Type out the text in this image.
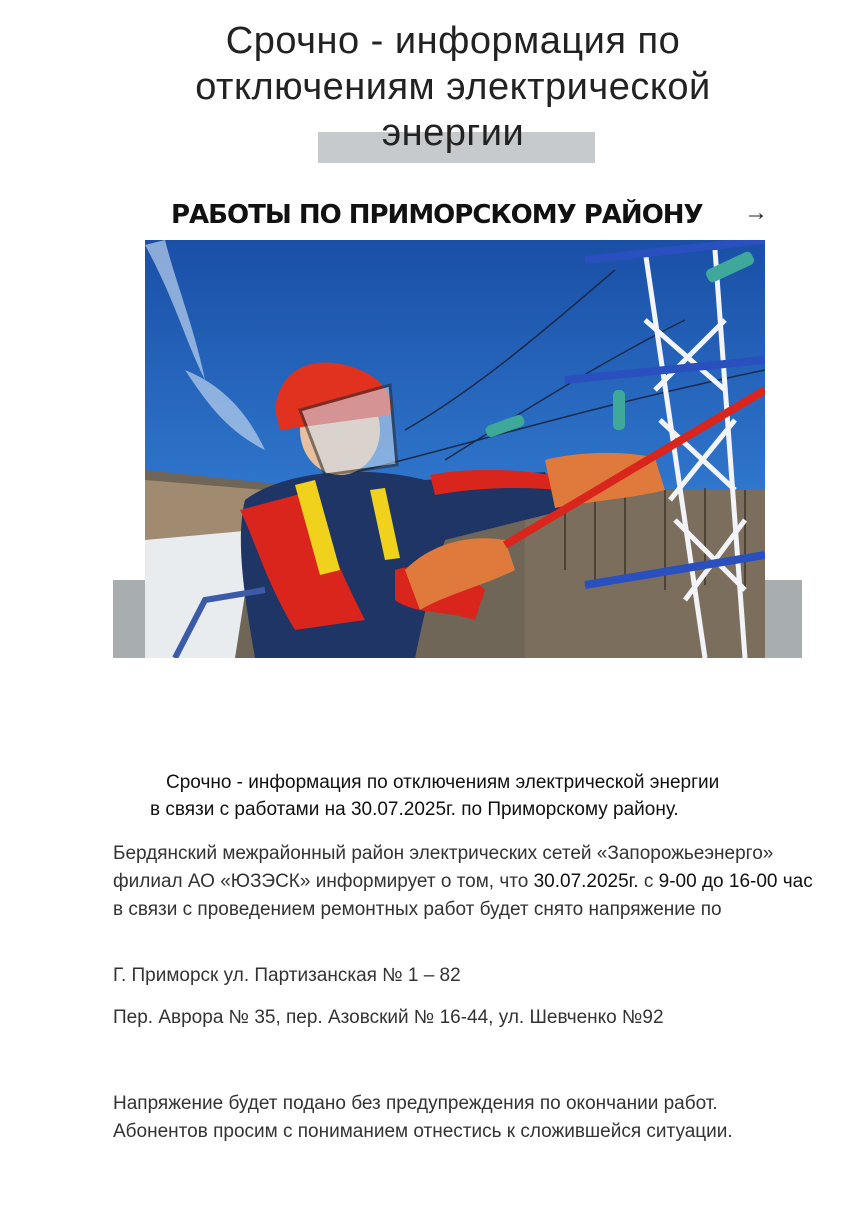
Срочно - информация по
отключениям электрической
энергии
РАБОТЫ ПО ПРИМОРСКОМУ РАЙОНУ →
Срочно - информация по отключениям электрической энергии
в связи с работами на 30.07.2025г. по Приморскому району.
Бердянский межрайонный район электрических сетей «Запорожьеэнерго» филиал АО «ЮЗЭСК» информирует о том, что 30.07.2025г. с 9-00 до 16-00 час в связи с проведением ремонтных работ будет снято напряжение по
Г. Приморск ул. Партизанская № 1 – 82
Пер. Аврора № 35, пер. Азовский № 16-44, ул. Шевченко №92
Напряжение будет подано без предупреждения по окончании работ. Абонентов просим с пониманием отнестись к сложившейся ситуации.
